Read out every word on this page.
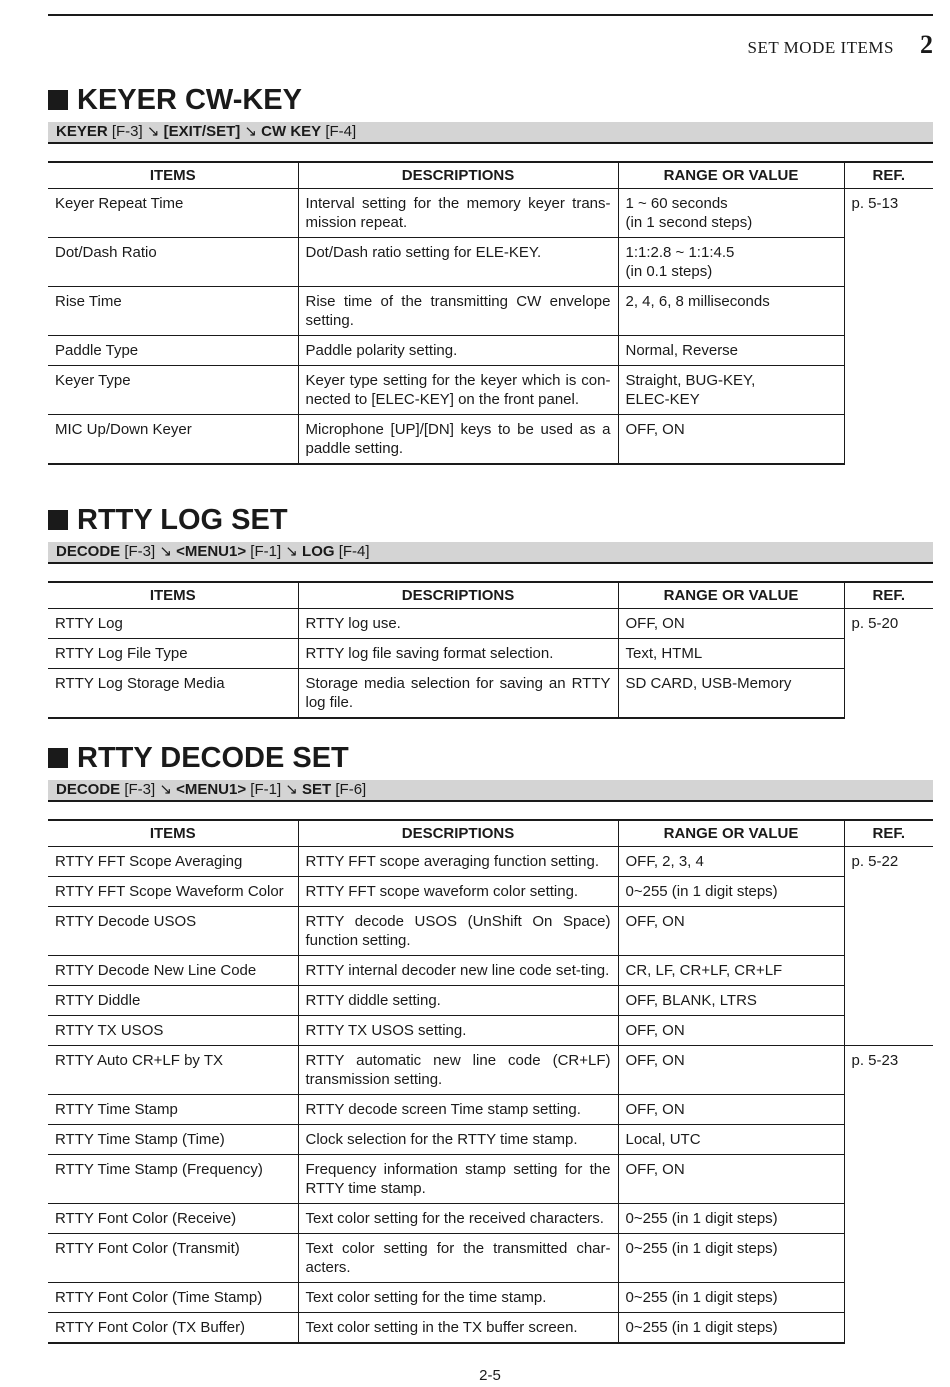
SET MODE ITEMS 2
KEYER CW-KEY
KEYER [F-3] ↘ [EXIT/SET] ↘ CW KEY [F-4]
ITEMS	DESCRIPTIONS	RANGE OR VALUE	REF.
Keyer Repeat Time	Interval setting for the memory keyer trans-mission repeat.	1 ~ 60 seconds
(in 1 second steps)	p. 5-13
Dot/Dash Ratio	Dot/Dash ratio setting for ELE-KEY.	1:1:2.8 ~ 1:1:4.5
(in 0.1 steps)	

Rise Time	Rise time of the transmitting CW envelope setting.	2, 4, 6, 8 milliseconds	
Paddle Type	Paddle polarity setting.	Normal, Reverse	
Keyer Type	Keyer type setting for the keyer which is con-nected to [ELEC-KEY] on the front panel.	Straight, BUG-KEY,
ELEC-KEY	

MIC Up/Down Keyer	Microphone [UP]/[DN] keys to be used as a paddle setting.	OFF, ON	
RTTY LOG SET
DECODE [F-3] ↘ <MENU1> [F-1] ↘ LOG [F-4]
ITEMS	DESCRIPTIONS	RANGE OR VALUE	REF.
RTTY Log	RTTY log use.	OFF, ON	p. 5-20
RTTY Log File Type	RTTY log file saving format selection.	Text, HTML	
RTTY Log Storage Media	Storage media selection for saving an RTTY log file.	SD CARD, USB-Memory	
RTTY DECODE SET
DECODE [F-3] ↘ <MENU1> [F-1] ↘ SET [F-6]
ITEMS	DESCRIPTIONS	RANGE OR VALUE	REF.
RTTY FFT Scope Averaging	RTTY FFT scope averaging function setting.	OFF, 2, 3, 4	p. 5-22
RTTY FFT Scope Waveform Color	RTTY FFT scope waveform color setting.	0~255 (in 1 digit steps)	
RTTY Decode USOS	RTTY decode USOS (UnShift On Space) function setting.	OFF, ON	
RTTY Decode New Line Code	RTTY internal decoder new line code set-ting.	CR, LF, CR+LF, CR+LF	
RTTY Diddle	RTTY diddle setting.	OFF, BLANK, LTRS	
RTTY TX USOS	RTTY TX USOS setting.	OFF, ON	
RTTY Auto CR+LF by TX	RTTY automatic new line code (CR+LF) transmission setting.	OFF, ON	p. 5-23
RTTY Time Stamp	RTTY decode screen Time stamp setting.	OFF, ON	
RTTY Time Stamp (Time)	Clock selection for the RTTY time stamp.	Local, UTC	
RTTY Time Stamp (Frequency)	Frequency information stamp setting for the RTTY time stamp.	OFF, ON	
RTTY Font Color (Receive)	Text color setting for the received characters.	0~255 (in 1 digit steps)	
RTTY Font Color (Transmit)	Text color setting for the transmitted char-acters.	0~255 (in 1 digit steps)	
RTTY Font Color (Time Stamp)	Text color setting for the time stamp.	0~255 (in 1 digit steps)	
RTTY Font Color (TX Buffer)	Text color setting in the TX buffer screen.	0~255 (in 1 digit steps)	
2-5
